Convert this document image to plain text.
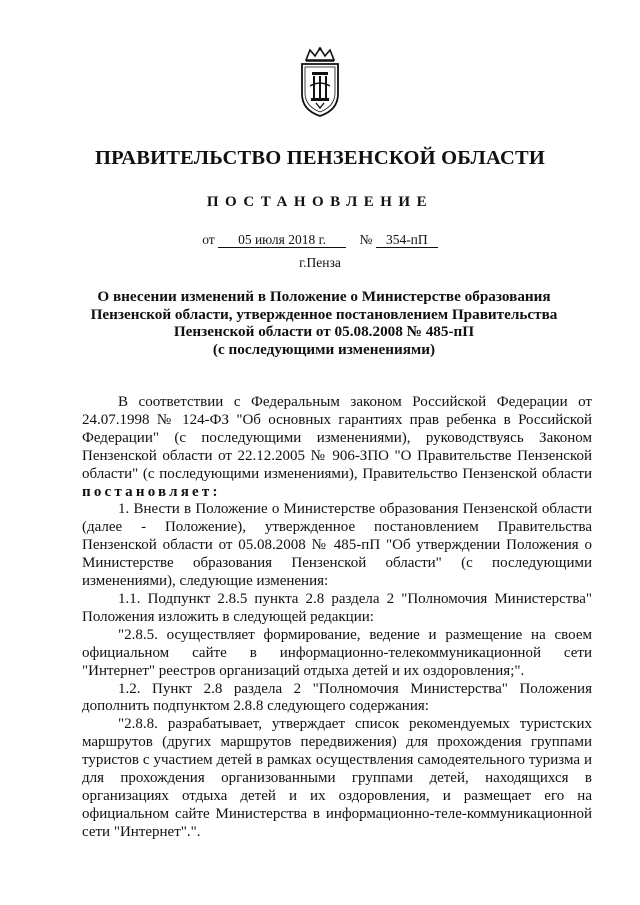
ПРАВИТЕЛЬСТВО ПЕНЗЕНСКОЙ ОБЛАСТИ
ПОСТАНОВЛЕНИЕ
от 05 июля 2018 г. № 354-пП
г.Пенза
О внесении изменений в Положение о Министерстве образования
Пензенской области, утвержденное постановлением Правительства
Пензенской области от 05.08.2008 № 485-пП
(с последующими изменениями)

В соответствии с Федеральным законом Российской Федерации от 24.07.1998 № 124-ФЗ "Об основных гарантиях прав ребенка в Российской Федерации" (с последующими изменениями), руководствуясь Законом Пензенской области от 22.12.2005 № 906-ЗПО "О Правительстве Пензенской области" (с последующими изменениями), Правительство Пензенской области постановляет:

1. Внести в Положение о Министерстве образования Пензенской области (далее - Положение), утвержденное постановлением Правительства Пензенской области от 05.08.2008 № 485-пП "Об утверждении Положения о Министерстве образования Пензенской области" (с последующими изменениями), следующие изменения:

1.1. Подпункт 2.8.5 пункта 2.8 раздела 2 "Полномочия Министерства" Положения изложить в следующей редакции:

"2.8.5. осуществляет формирование, ведение и размещение на своем официальном сайте в информационно-телекоммуникационной сети "Интернет" реестров организаций отдыха детей и их оздоровления;".

1.2. Пункт 2.8 раздела 2 "Полномочия Министерства" Положения дополнить подпунктом 2.8.8 следующего содержания:

"2.8.8. разрабатывает, утверждает список рекомендуемых туристских маршрутов (других маршрутов передвижения) для прохождения группами туристов с участием детей в рамках осуществления самодеятельного туризма и для прохождения организованными группами детей, находящихся в организациях отдыха детей и их оздоровления, и размещает его на официальном сайте Министерства в информационно-теле-коммуникационной сети "Интернет".".
